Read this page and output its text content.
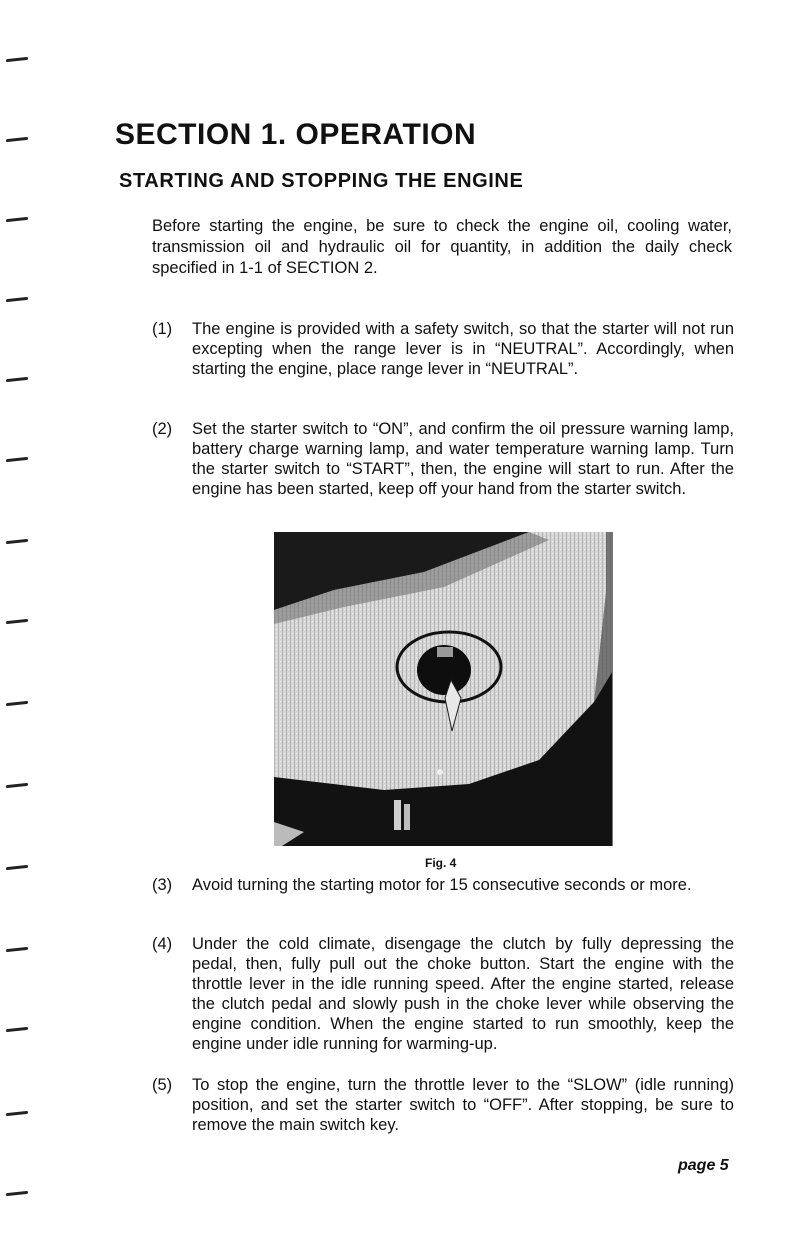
SECTION 1. OPERATION
STARTING AND STOPPING THE ENGINE

Before starting the engine, be sure to check the engine oil, cooling water, transmission oil and hydraulic oil for quantity, in addition the daily check specified in 1-1 of SECTION 2.

(1) The engine is provided with a safety switch, so that the starter will not run excepting when the range lever is in “NEUTRAL”. Accordingly, when starting the engine, place range lever in “NEUTRAL”.

(2) Set the starter switch to “ON”, and confirm the oil pressure warning lamp, battery charge warning lamp, and water temperature warning lamp. Turn the starter switch to “START”, then, the engine will start to run. After the engine has been started, keep off your hand from the starter switch.

Fig. 4
(3) Avoid turning the starting motor for 15 consecutive seconds or more.

(4) Under the cold climate, disengage the clutch by fully depressing the pedal, then, fully pull out the choke button. Start the engine with the throttle lever in the idle running speed. After the engine started, release the clutch pedal and slowly push in the choke lever while observing the engine condition. When the engine started to run smoothly, keep the engine under idle running for warming-up.

(5) To stop the engine, turn the throttle lever to the “SLOW” (idle running) position, and set the starter switch to “OFF”. After stopping, be sure to remove the main switch key.

page 5
